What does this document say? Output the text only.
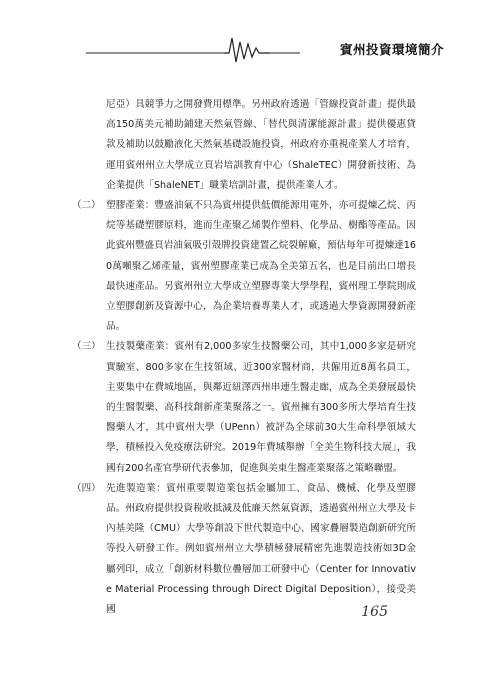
賓州投資環境簡介

尼亞）具競爭力之開發費用標準。另州政府透過「管線投資計畫」提供最高150萬美元補助鋪建天然氣管線、「替代與清潔能源計畫」提供優惠貸款及補助以鼓勵液化天然氣基礎設施投資，州政府亦重視產業人才培育，運用賓州州立大學成立頁岩培訓教育中心（ShaleTEC）開發新技術、為企業提供「ShaleNET」職業培訓計畫，提供產業人才。

（二） 塑膠產業：豐盛油氣不只為賓州提供低價能源用電外，亦可提煉乙烷、丙烷等基礎塑膠原料，進而生產聚乙烯製作塑料、化學品、樹酯等產品。因此賓州豐盛頁岩油氣吸引殼牌投資建置乙烷裂解廠，預估每年可提煉達160萬噸聚乙烯產量，賓州塑膠產業已成為全美第五名，也是目前出口增長最快速產品。另賓州州立大學成立塑膠專業大學學程，賓州理工學院則成立塑膠創新及資源中心，為企業培養專業人才，或透過大學資源開發新產品。

（三） 生技製藥產業：賓州有2,000多家生技醫藥公司，其中1,000多家是研究實驗室、800多家在生技領域、近300家醫材商，共僱用近8萬名員工，主要集中在費城地區，與鄰近紐澤西州串連生醫走廊，成為全美發展最快的生醫製藥、高科技創新產業聚落之一。賓州擁有300多所大學培育生技醫藥人才，其中賓州大學（UPenn）被評為全球前30大生命科學領域大學，積極投入免疫療法研究。2019年費城舉辦「全美生物科技大展」，我國有200名產官學研代表參加，促進與美東生醫產業聚落之策略聯盟。

（四） 先進製造業：賓州重要製造業包括金屬加工、食品、機械、化學及塑膠品。州政府提供投資稅收抵減及低廉天然氣資源，透過賓州州立大學及卡內基美隆（CMU）大學等創設下世代製造中心、國家疊層製造創新研究所等投入研發工作。例如賓州州立大學積極發展精密先進製造技術如3D金屬列印，成立「創新材料數位疊層加工研發中心（Center for Innovative Material Processing through Direct Digital Deposition），接受美國	165
